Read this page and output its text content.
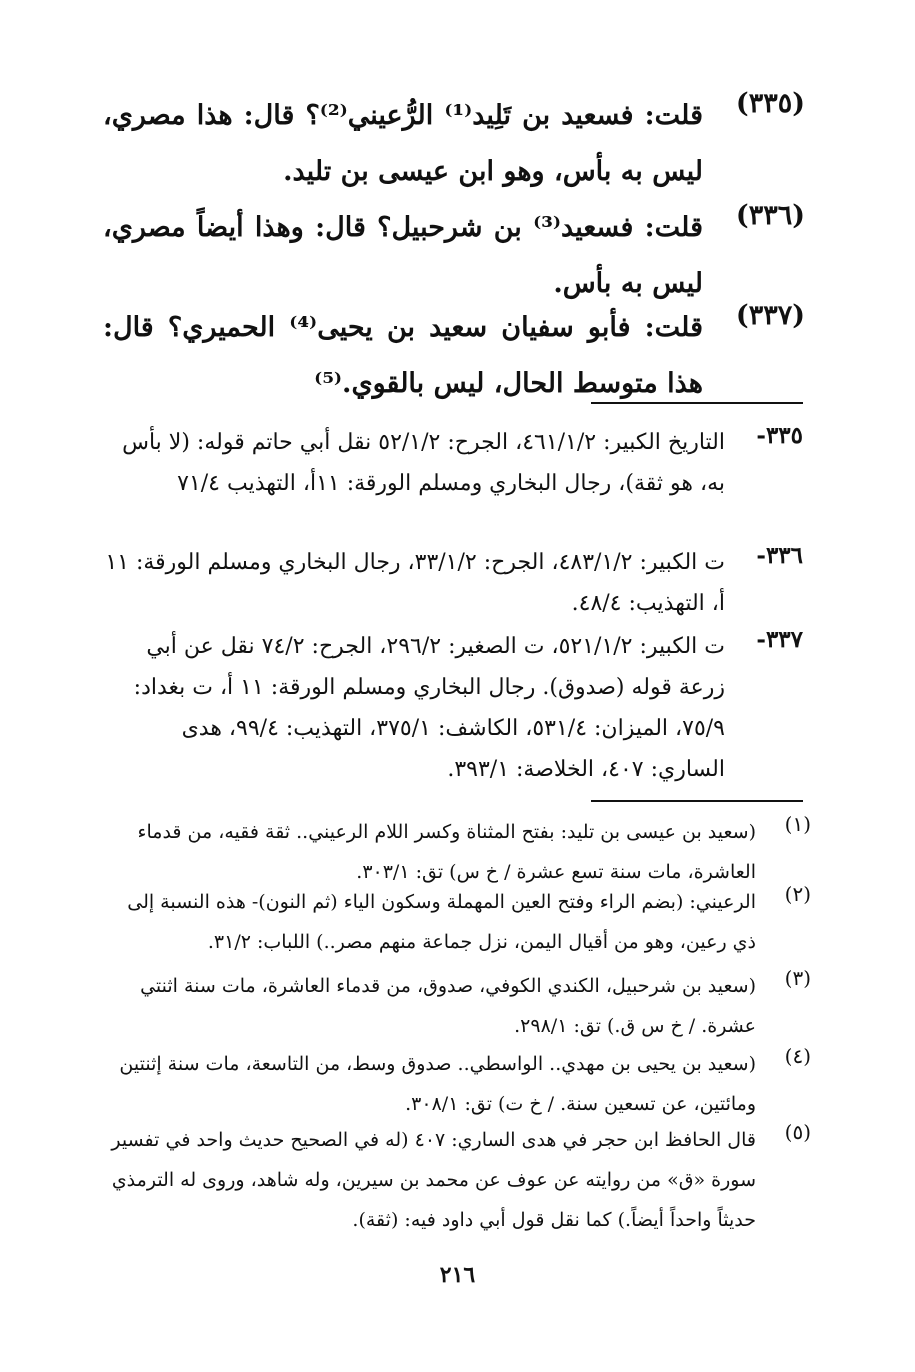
(٣٣٥)
قلت: فسعيد بن تَلِيد⁽¹⁾ الرُّعيني⁽²⁾؟ قال: هذا مصري، ليس به بأس، وهو ابن عيسى بن تليد.
(٣٣٦)
قلت: فسعيد⁽³⁾ بن شرحبيل؟ قال: وهذا أيضاً مصري، ليس به بأس.
(٣٣٧)
قلت: فأبو سفيان سعيد بن يحيى⁽⁴⁾ الحميري؟ قال: هذا متوسط الحال، ليس بالقوي.⁽⁵⁾
٣٣٥-
التاريخ الكبير: ٤٦١/١/٢، الجرح: ٥٢/١/٢ نقل أبي حاتم قوله: (لا بأس به، هو ثقة)، رجال البخاري ومسلم الورقة: ١١أ، التهذيب ٧١/٤
٣٣٦-
ت الكبير: ٤٨٣/١/٢، الجرح: ٣٣/١/٢، رجال البخاري ومسلم الورقة: ١١ أ، التهذيب: ٤٨/٤.
٣٣٧-
ت الكبير: ٥٢١/١/٢، ت الصغير: ٢٩٦/٢، الجرح: ٧٤/٢ نقل عن أبي زرعة قوله (صدوق). رجال البخاري ومسلم الورقة: ١١ أ، ت بغداد: ٧٥/٩، الميزان: ٥٣١/٤، الكاشف: ٣٧٥/١، التهذيب: ٩٩/٤، هدى الساري: ٤٠٧، الخلاصة: ٣٩٣/١.
(١)
(سعيد بن عيسى بن تليد: بفتح المثناة وكسر اللام الرعيني.. ثقة فقيه، من قدماء العاشرة، مات سنة تسع عشرة / خ س) تق: ٣٠٣/١.
(٢)
الرعيني: (بضم الراء وفتح العين المهملة وسكون الياء (ثم النون)- هذه النسبة إلى ذي رعين، وهو من أقيال اليمن، نزل جماعة منهم مصر..) اللباب: ٣١/٢.
(٣)
(سعيد بن شرحبيل، الكندي الكوفي، صدوق، من قدماء العاشرة، مات سنة اثنتي عشرة. / خ س ق.) تق: ٢٩٨/١.
(٤)
(سعيد بن يحيى بن مهدي.. الواسطي.. صدوق وسط، من التاسعة، مات سنة إثنتين ومائتين، عن تسعين سنة. / خ ت) تق: ٣٠٨/١.
(٥)
قال الحافظ ابن حجر في هدى الساري: ٤٠٧ (له في الصحيح حديث واحد في تفسير سورة «ق» من روايته عن عوف عن محمد بن سيرين، وله شاهد، وروى له الترمذي حديثاً واحداً أيضاً.) كما نقل قول أبي داود فيه: (ثقة).
٢١٦
